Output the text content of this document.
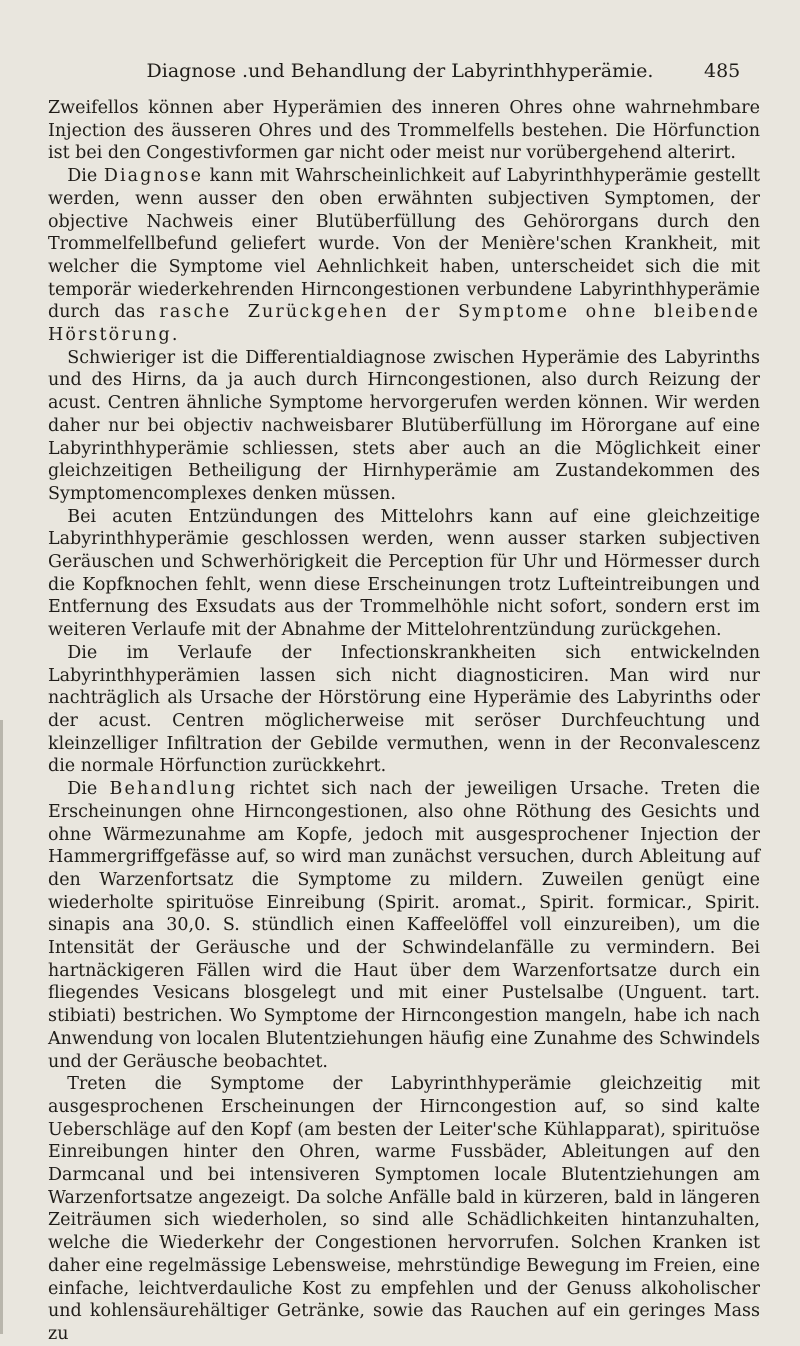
Diagnose .und Behandlung der Labyrinthhyperämie.	485

Zweifellos können aber Hyperämien des inneren Ohres ohne wahrnehmbare Injection des äusseren Ohres und des Trommelfells bestehen. Die Hörfunction ist bei den Congestivformen gar nicht oder meist nur vorübergehend alterirt.

Die Diagnose kann mit Wahrscheinlichkeit auf Labyrinthhyperämie gestellt werden, wenn ausser den oben erwähnten subjectiven Symptomen, der objective Nachweis einer Blutüberfüllung des Gehörorgans durch den Trommelfellbefund geliefert wurde. Von der Menière'schen Krankheit, mit welcher die Symptome viel Aehnlichkeit haben, unterscheidet sich die mit temporär wiederkehrenden Hirncongestionen verbundene Labyrinthhyperämie durch das rasche Zurückgehen der Symptome ohne bleibende Hörstörung.

Schwieriger ist die Differentialdiagnose zwischen Hyperämie des Labyrinths und des Hirns, da ja auch durch Hirncongestionen, also durch Reizung der acust. Centren ähnliche Symptome hervorgerufen werden können. Wir werden daher nur bei objectiv nachweisbarer Blutüberfüllung im Hörorgane auf eine Labyrinthhyperämie schliessen, stets aber auch an die Möglichkeit einer gleichzeitigen Betheiligung der Hirnhyperämie am Zustandekommen des Symptomencomplexes denken müssen.

Bei acuten Entzündungen des Mittelohrs kann auf eine gleichzeitige Labyrinthhyperämie geschlossen werden, wenn ausser starken subjectiven Geräuschen und Schwerhörigkeit die Perception für Uhr und Hörmesser durch die Kopfknochen fehlt, wenn diese Erscheinungen trotz Lufteintreibungen und Entfernung des Exsudats aus der Trommelhöhle nicht sofort, sondern erst im weiteren Verlaufe mit der Abnahme der Mittelohrentzündung zurückgehen.

Die im Verlaufe der Infectionskrankheiten sich entwickelnden Labyrinthhyperämien lassen sich nicht diagnosticiren. Man wird nur nachträglich als Ursache der Hörstörung eine Hyperämie des Labyrinths oder der acust. Centren möglicherweise mit seröser Durchfeuchtung und kleinzelliger Infiltration der Gebilde vermuthen, wenn in der Reconvalescenz die normale Hörfunction zurückkehrt.

Die Behandlung richtet sich nach der jeweiligen Ursache. Treten die Erscheinungen ohne Hirncongestionen, also ohne Röthung des Gesichts und ohne Wärmezunahme am Kopfe, jedoch mit ausgesprochener Injection der Hammergriffgefässe auf, so wird man zunächst versuchen, durch Ableitung auf den Warzenfortsatz die Symptome zu mildern. Zuweilen genügt eine wiederholte spirituöse Einreibung (Spirit. aromat., Spirit. formicar., Spirit. sinapis ana 30,0. S. stündlich einen Kaffeelöffel voll einzureiben), um die Intensität der Geräusche und der Schwindelanfälle zu vermindern. Bei hartnäckigeren Fällen wird die Haut über dem Warzenfortsatze durch ein fliegendes Vesicans blosgelegt und mit einer Pustelsalbe (Unguent. tart. stibiati) bestrichen. Wo Symptome der Hirncongestion mangeln, habe ich nach Anwendung von localen Blutentziehungen häufig eine Zunahme des Schwindels und der Geräusche beobachtet.

Treten die Symptome der Labyrinthhyperämie gleichzeitig mit ausgesprochenen Erscheinungen der Hirncongestion auf, so sind kalte Ueberschläge auf den Kopf (am besten der Leiter'sche Kühlapparat), spirituöse Einreibungen hinter den Ohren, warme Fussbäder, Ableitungen auf den Darmcanal und bei intensiveren Symptomen locale Blutentziehungen am Warzenfortsatze angezeigt. Da solche Anfälle bald in kürzeren, bald in längeren Zeiträumen sich wiederholen, so sind alle Schädlichkeiten hintanzuhalten, welche die Wiederkehr der Congestionen hervorrufen. Solchen Kranken ist daher eine regelmässige Lebensweise, mehrstündige Bewegung im Freien, eine einfache, leichtverdauliche Kost zu empfehlen und der Genuss alkoholischer und kohlensäurehältiger Getränke, sowie das Rauchen auf ein geringes Mass zu
